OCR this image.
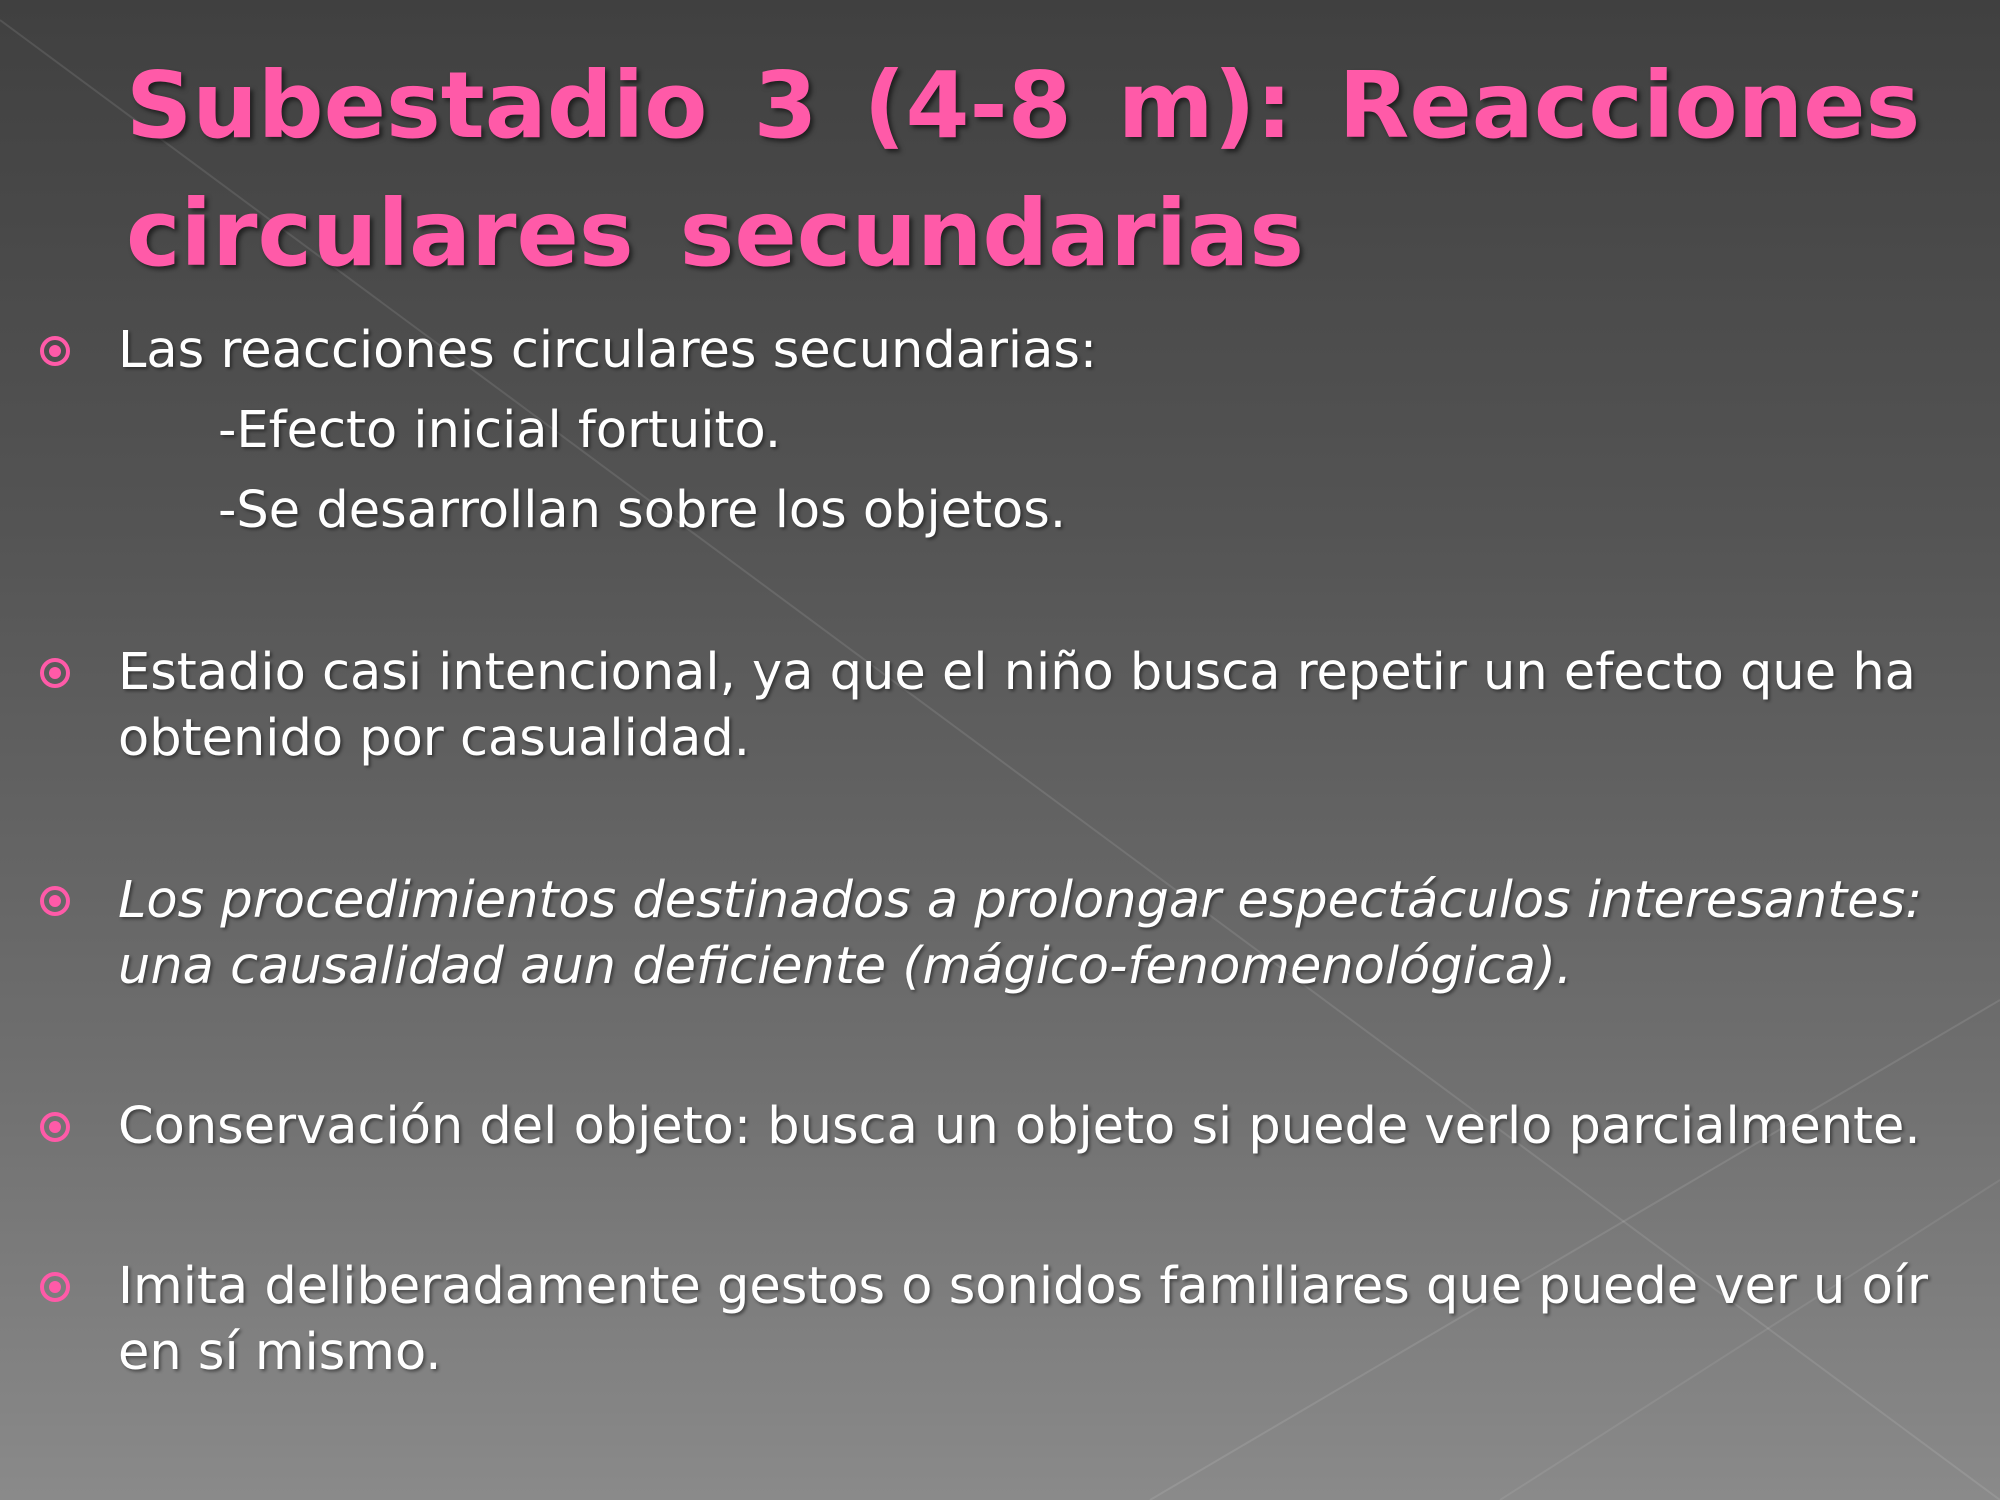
Subestadio 3 (4-8 m): Reacciones
circulares secundarias

Las reacciones circulares secundarias:
-Efecto inicial fortuito.
-Se desarrollan sobre los objetos.

Estadio casi intencional, ya que el niño busca repetir un efecto que ha
obtenido por casualidad.

Los procedimientos destinados a prolongar espectáculos interesantes:
una causalidad aun deficiente (mágico-fenomenológica).

Conservación del objeto: busca un objeto si puede verlo parcialmente.

Imita deliberadamente gestos o sonidos familiares que puede ver u oír
en sí mismo.
